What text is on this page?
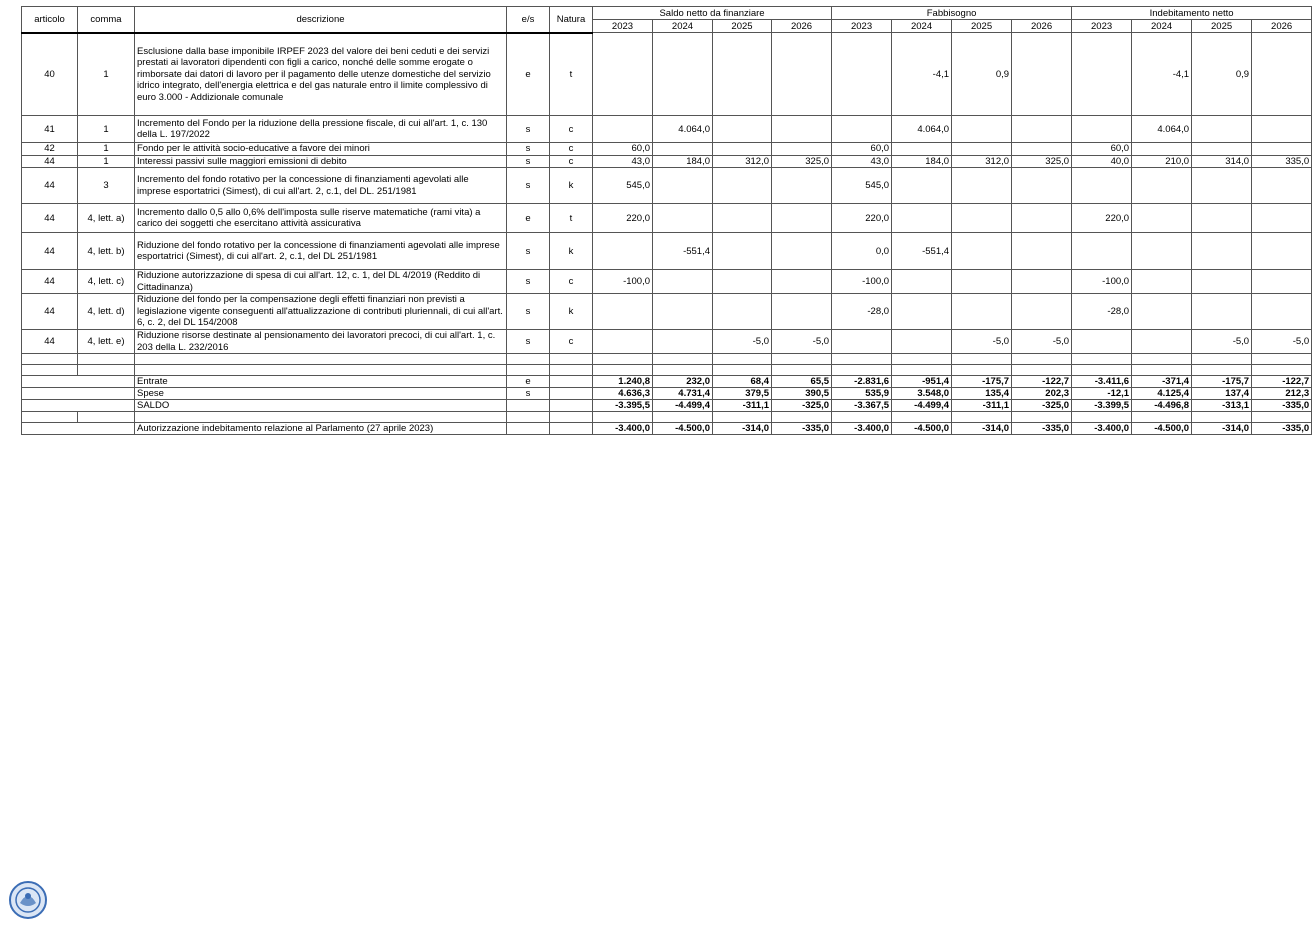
articolo	comma	descrizione	e/s	Natura	Saldo netto da finanziare				Fabbisogno				Indebitamento netto			
					2023	2024	2025	2026	2023	2024	2025	2026	2023	2024	2025	2026
40	1	Esclusione dalla base imponibile IRPEF 2023 del valore dei beni ceduti e dei servizi prestati ai lavoratori dipendenti con figli a carico, nonché delle somme erogate o rimborsate dai datori di lavoro per il pagamento delle utenze domestiche del servizio idrico integrato, dell'energia elettrica e del gas naturale entro il limite complessivo di euro 3.000 - Addizionale comunale	e	t						-4,1	0,9			-4,1	0,9	
41	1	Incremento del Fondo per la riduzione della pressione fiscale, di cui all'art. 1, c. 130 della L. 197/2022	s	c		4.064,0				4.064,0				4.064,0		
42	1	Fondo per le attività socio-educative a favore dei minori	s	c	60,0				60,0				60,0			
44	1	Interessi passivi sulle maggiori emissioni di debito	s	c	43,0	184,0	312,0	325,0	43,0	184,0	312,0	325,0	40,0	210,0	314,0	335,0
44	3	Incremento del fondo rotativo per la concessione di finanziamenti agevolati alle imprese esportatrici (Simest), di cui all'art. 2, c.1, del DL. 251/1981	s	k	545,0				545,0							
44	4, lett. a)	Incremento dallo 0,5 allo 0,6% dell'imposta sulle riserve matematiche (rami vita) a carico dei soggetti che esercitano attività assicurativa	e	t	220,0				220,0				220,0			
44	4, lett. b)	Riduzione del fondo rotativo per la concessione di finanziamenti agevolati alle imprese esportatrici (Simest), di cui all'art. 2, c.1, del DL 251/1981	s	k		-551,4			0,0	-551,4						
44	4, lett. c)	Riduzione autorizzazione di spesa di cui all'art. 12, c. 1, del DL 4/2019 (Reddito di Cittadinanza)	s	c	-100,0				-100,0				-100,0			
44	4, lett. d)	Riduzione del fondo per la compensazione degli effetti finanziari non previsti a legislazione vigente conseguenti all'attualizzazione di contributi pluriennali, di cui all'art. 6, c. 2, del DL 154/2008	s	k					-28,0				-28,0			
44	4, lett. e)	Riduzione risorse destinate al pensionamento dei lavoratori precoci, di cui all'art. 1, c. 203 della L. 232/2016	s	c			-5,0	-5,0			-5,0	-5,0			-5,0	-5,0

		Entrate	e		1.240,8	232,0	68,4	65,5	-2.831,6	-951,4	-175,7	-122,7	-3.411,6	-371,4	-175,7	-122,7
		Spese	s		4.636,3	4.731,4	379,5	390,5	535,9	3.548,0	135,4	202,3	-12,1	4.125,4	137,4	212,3
		SALDO			-3.395,5	-4.499,4	-311,1	-325,0	-3.367,5	-4.499,4	-311,1	-325,0	-3.399,5	-4.496,8	-313,1	-335,0

		Autorizzazione indebitamento relazione al Parlamento (27 aprile 2023)			-3.400,0	-4.500,0	-314,0	-335,0	-3.400,0	-4.500,0	-314,0	-335,0	-3.400,0	-4.500,0	-314,0	-335,0
